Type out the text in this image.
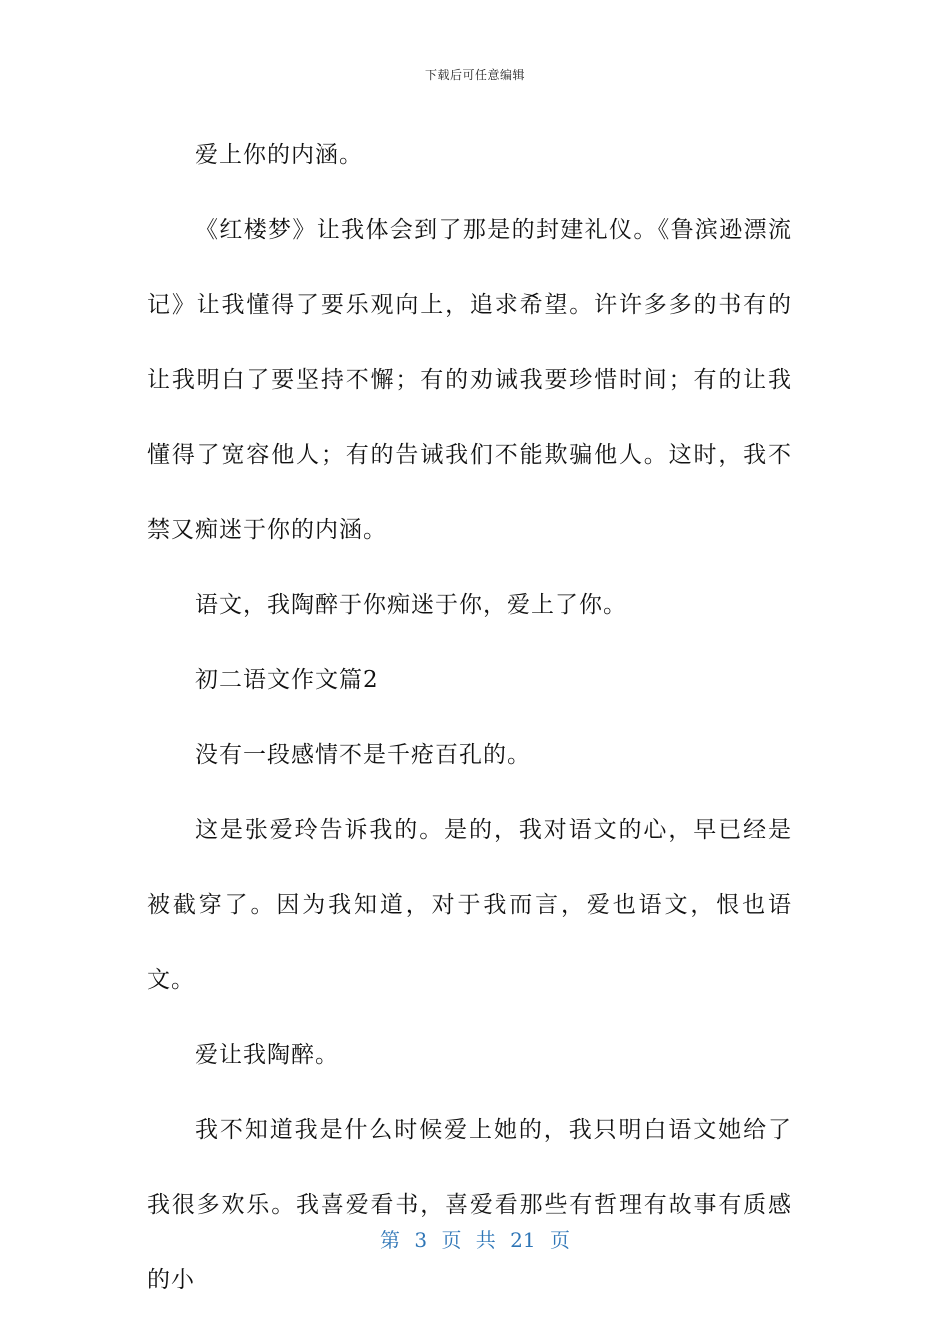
下载后可任意编辑

爱上你的内涵。

《红楼梦》让我体会到了那是的封建礼仪。《鲁滨逊漂流记》让我懂得了要乐观向上，追求希望。许许多多的书有的让我明白了要坚持不懈；有的劝诫我要珍惜时间；有的让我懂得了宽容他人；有的告诫我们不能欺骗他人。这时，我不禁又痴迷于你的内涵。

语文，我陶醉于你痴迷于你，爱上了你。

初二语文作文篇2

没有一段感情不是千疮百孔的。

这是张爱玲告诉我的。是的，我对语文的心，早已经是被截穿了。因为我知道，对于我而言，爱也语文，恨也语文。

爱让我陶醉。

我不知道我是什么时候爱上她的，我只明白语文她给了我很多欢乐。我喜爱看书，喜爱看那些有哲理有故事有质感的小

第 3 页 共 21 页
